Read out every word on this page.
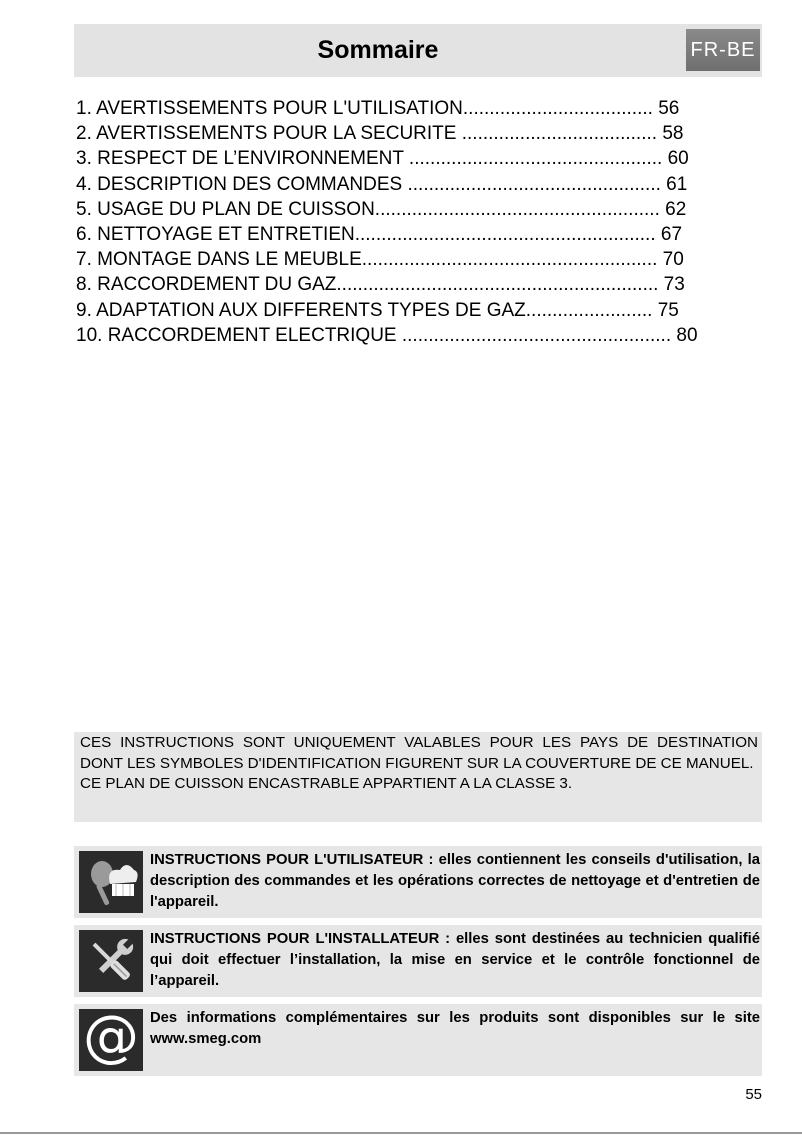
Sommaire	FR-BE
1. AVERTISSEMENTS POUR L'UTILISATION.................................... 56
2. AVERTISSEMENTS POUR LA SECURITE ..................................... 58
3. RESPECT DE L’ENVIRONNEMENT ................................................ 60
4. DESCRIPTION DES COMMANDES ................................................ 61
5. USAGE DU PLAN DE CUISSON...................................................... 62
6. NETTOYAGE ET ENTRETIEN......................................................... 67
7. MONTAGE DANS LE MEUBLE........................................................ 70
8. RACCORDEMENT DU GAZ............................................................. 73
9. ADAPTATION AUX DIFFERENTS TYPES DE GAZ........................ 75
10. RACCORDEMENT ELECTRIQUE ................................................... 80
CES INSTRUCTIONS SONT UNIQUEMENT VALABLES POUR LES PAYS DE DESTINATION DONT LES SYMBOLES D'IDENTIFICATION FIGURENT SUR LA COUVERTURE DE CE MANUEL.
CE PLAN DE CUISSON ENCASTRABLE APPARTIENT A LA CLASSE 3.
INSTRUCTIONS POUR L'UTILISATEUR : elles contiennent les conseils d'utilisation, la description des commandes et les opérations correctes de nettoyage et d'entretien de l'appareil.
INSTRUCTIONS POUR L'INSTALLATEUR : elles sont destinées au technicien qualifié qui doit effectuer l’installation, la mise en service et le contrôle fonctionnel de l’appareil.
@ Des informations complémentaires sur les produits sont disponibles sur le site www.smeg.com
55
